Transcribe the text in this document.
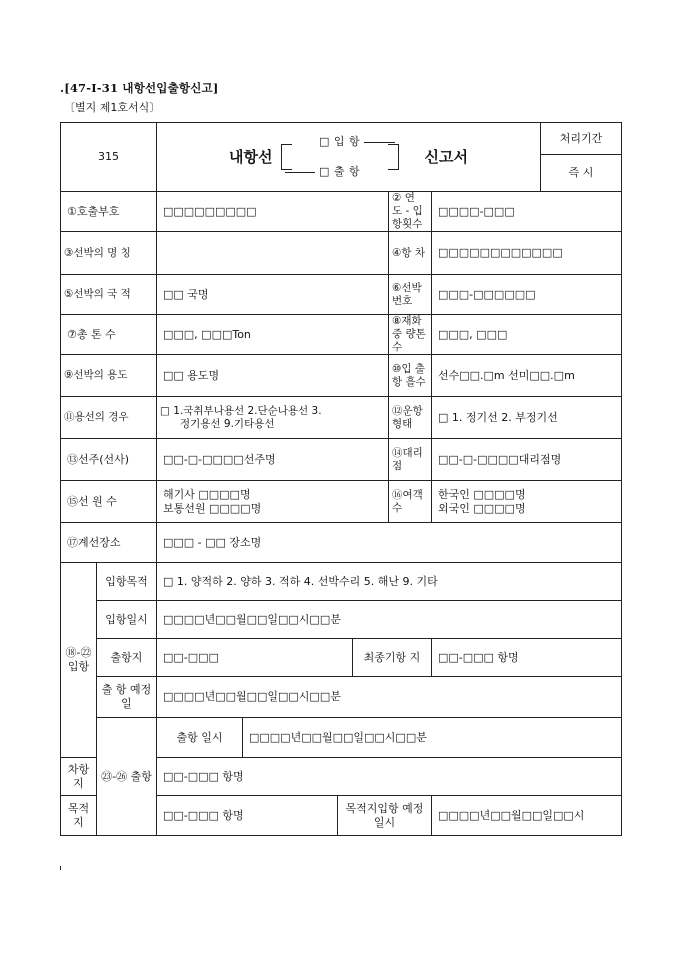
.[47-I-31 내항선입출항신고]
〔별지 제1호서식〕
315		내항선
□ 입 항
□ 출 항
신고서						처리기간
								즉 시
①호출부호		□□□□□□□□□				② 연 도 - 입항횟수	□□□□-□□□	
③선박의 명 칭						④항 차	□□□□□□□□□□□□	
⑤선박의 국 적		□□ 국명				⑥선박 번호	□□□-□□□□□□	
⑦총 톤 수		□□□, □□□Ton				⑧재화중 량톤수	□□□, □□□	
⑨선박의 용도		□□ 용도명				⑩입 출 항 흘수	선수□□.□m 선미□□.□m	
⑪용선의 경우		□ 1.국취부나용선 2.단순나용선 3.
정기용선 9.기타용선				⑫운항 형태	□ 1. 정기선 2. 부정기선	
⑬선주(선사)		□□-□-□□□□선주명				⑭대리점	□□-□-□□□□대리점명	
⑮선 원 수		해기사 □□□□명
보통선원 □□□□명				⑯여객수	한국인 □□□□명
외국인 □□□□명	

⑰계선장소		□□□ - □□ 장소명						
⑱-㉒ 입항	입항목적	□ 1. 양적하 2. 양하 3. 적하 4. 선박수리 5. 해난 9. 기타						
	입항일시	□□□□년□□월□□일□□시□□분						
	출항지	□□-□□□			최종기항 지		□□-□□□ 항명	
	출 항 예정일	□□□□년□□월□□일□□시□□분						
	㉓-㉖ 출항	출항 일시	□□□□년□□월□□일□□시□□분					
차항지		□□-□□□ 항명						
목적지		□□-□□□ 항명		목적지입항 예정일시			□□□□년□□월□□일□□시	
